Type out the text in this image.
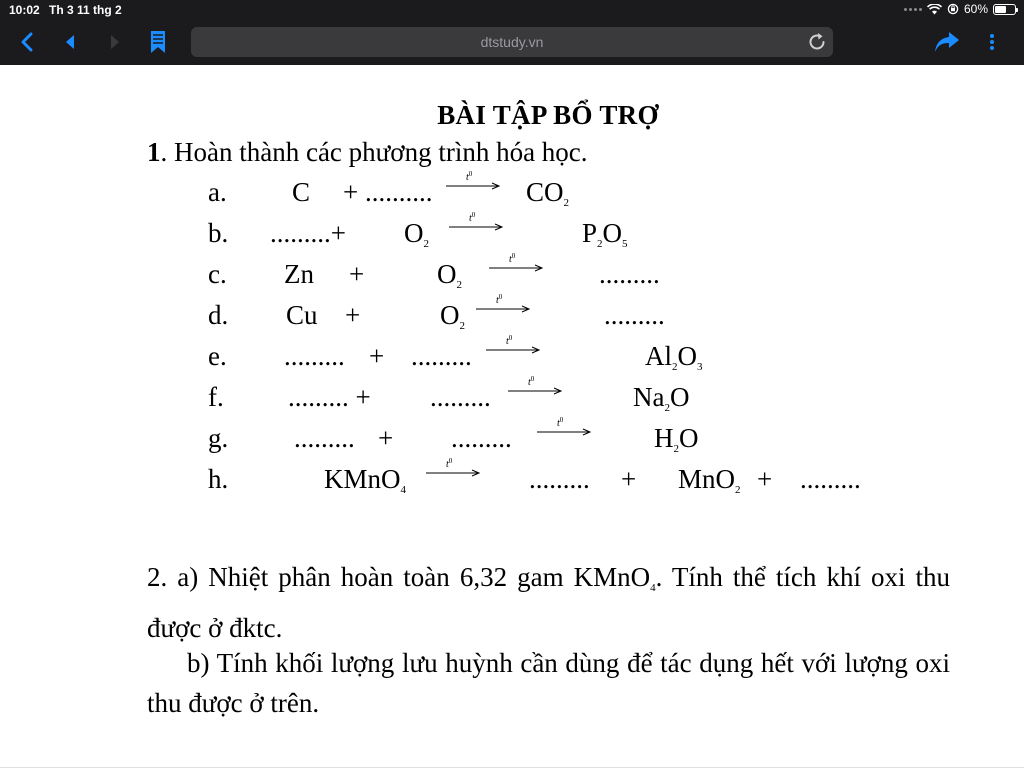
10:02 Th 3 11 thg 2	60%
dtstudy.vn
BÀI TẬP BỔ TRỢ
1. Hoàn thành các phương trình hóa học.
a. C + ..........	$t^0$
$CO_2$
b. .........+ $O_2$
$t^0$
$P_2O_5$
c. Zn +	$O_2$
$t^0$
.........
d. Cu +	$O_2$
$t^0$
.........
e. ......... + .........	$t^0$
$Al_2O_3$
f. ......... + .........	$t^0$
$Na_2O$
g. ......... + .........	$t^0$
$H_2O$
h.	KMnO$_4$
$t^0$
......... + MnO$_2$ + .........
2. a) Nhiệt phân hoàn toàn 6,32 gam KMnO$_4$. Tính thể tích khí oxi thu được ở đktc.
b) Tính khối lượng lưu huỳnh cần dùng để tác dụng hết với lượng oxi thu được ở trên.
